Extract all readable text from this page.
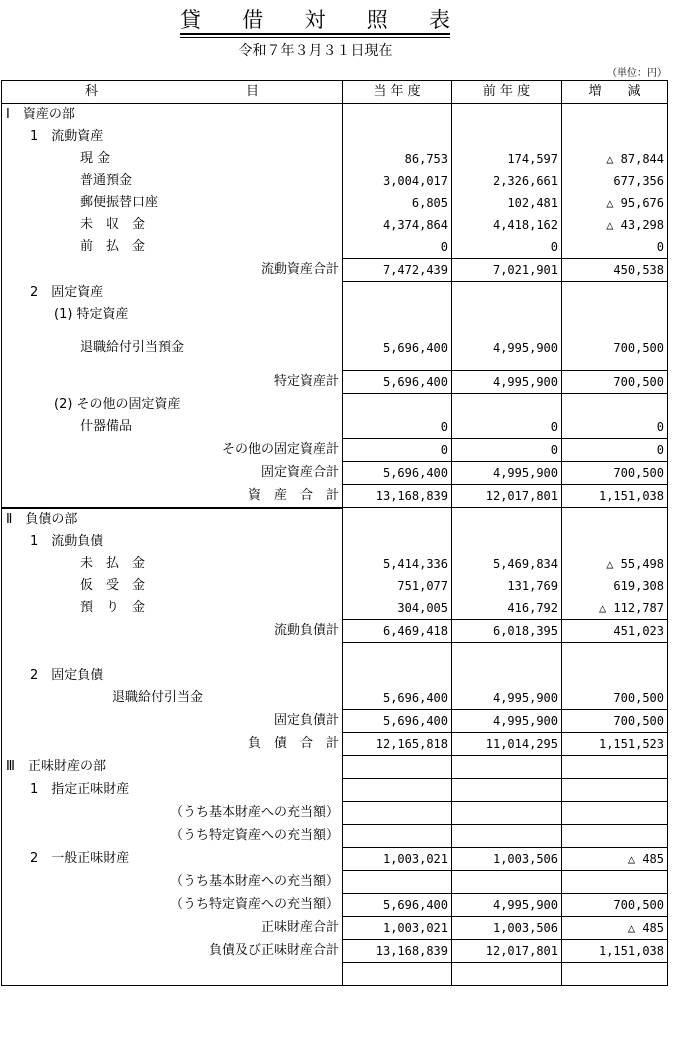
貸 借 対 照 表
令和７年３月３１日現在
（単位：円）
科 目	当 年 度	前 年 度	増　　減
Ⅰ　資産の部			
1　流動資産			
現 金	86,753	174,597	△ 87,844
普通預金	3,004,017	2,326,661	677,356
郵便振替口座	6,805	102,481	△ 95,676
未　収　金	4,374,864	4,418,162	△ 43,298
前　払　金	0	0	0
流動資産合計	7,472,439	7,021,901	450,538
2　固定資産			
(1) 特定資産			
退職給付引当預金	5,696,400	4,995,900	700,500
特定資産計	5,696,400	4,995,900	700,500
(2) その他の固定資産			
什器備品	0	0	0
その他の固定資産計	0	0	0
固定資産合計	5,696,400	4,995,900	700,500
資　産　合　計	13,168,839	12,017,801	1,151,038
Ⅱ　負債の部			
1　流動負債			
未　払　金	5,414,336	5,469,834	△ 55,498
仮　受　金	751,077	131,769	619,308
預　り　金	304,005	416,792	△ 112,787
流動負債計	6,469,418	6,018,395	451,023

2　固定負債			
退職給付引当金	5,696,400	4,995,900	700,500
固定負債計	5,696,400	4,995,900	700,500
負　債　合　計	12,165,818	11,014,295	1,151,523
Ⅲ　正味財産の部			
1　指定正味財産			
（うち基本財産への充当額）			
（うち特定資産への充当額）			
2　一般正味財産	1,003,021	1,003,506	△ 485
（うち基本財産への充当額）			
（うち特定資産への充当額）	5,696,400	4,995,900	700,500
正味財産合計	1,003,021	1,003,506	△ 485
負債及び正味財産合計	13,168,839	12,017,801	1,151,038
